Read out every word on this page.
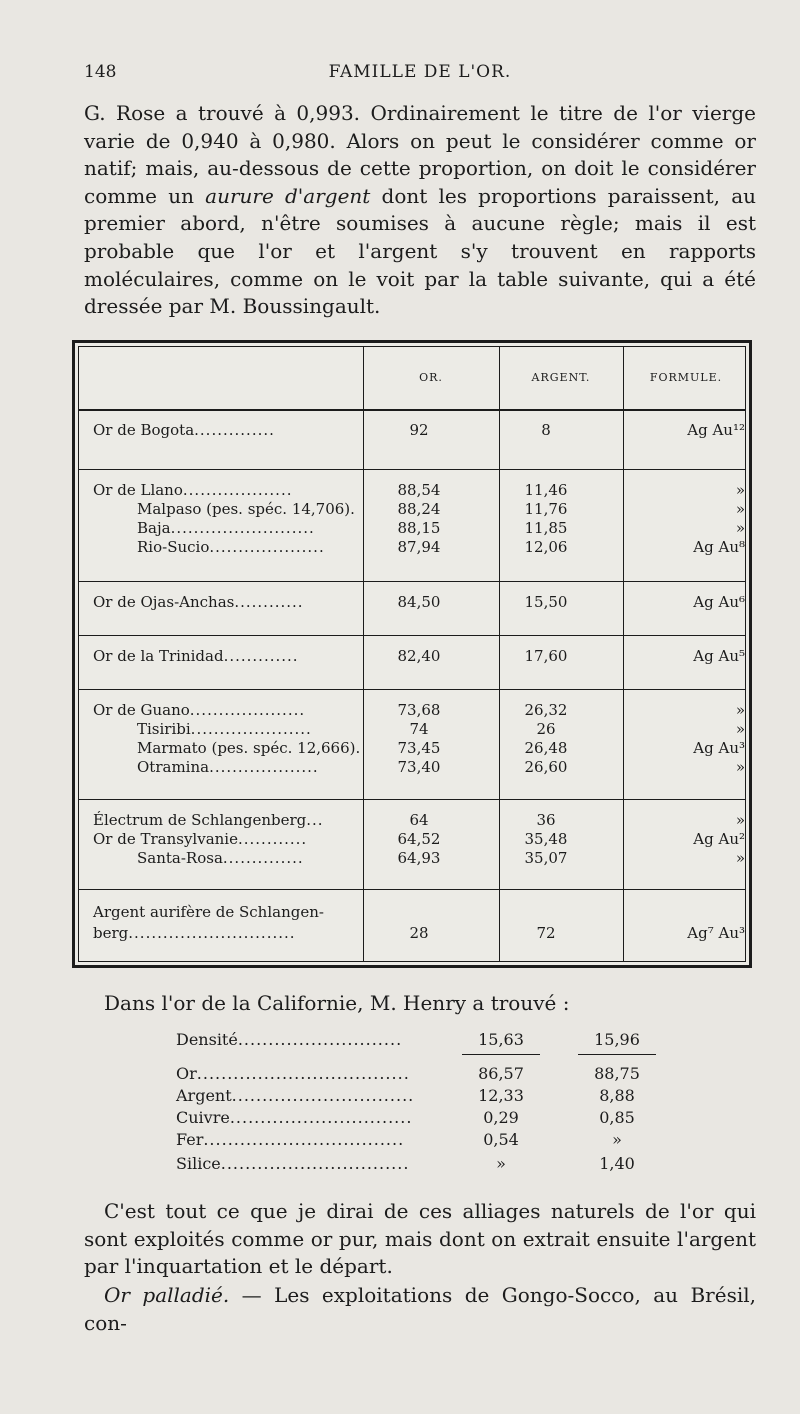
148	FAMILLE DE L'OR.

G. Rose a trouvé à 0,993. Ordinairement le titre de l'or vierge varie de 0,940 à 0,980. Alors on peut le considérer comme or natif; mais, au-dessous de cette proportion, on doit le considérer comme un aurure d'argent dont les proportions paraissent, au premier abord, n'être soumises à aucune règle; mais il est probable que l'or et l'argent s'y trouvent en rapports moléculaires, comme on le voit par la table suivante, qui a été dressée par M. Boussingault.

OR.	ARGENT.	FORMULE.
Or de Bogota..............	92	8	Ag Au¹²
Or de Llano...................	88,54	11,46	»
Malpaso (pes. spéc. 14,706).	88,24	11,76	»
Baja.........................	88,15	11,85	»
Rio-Sucio....................	87,94	12,06	Ag Au⁸
Or de Ojas-Anchas............	84,50	15,50	Ag Au⁶
Or de la Trinidad.............	82,40	17,60	Ag Au⁵
Or de Guano....................	73,68	26,32	»
Tisiribi.....................	74	26	»
Marmato (pes. spéc. 12,666).	73,45	26,48	Ag Au³
Otramina...................	73,40	26,60	»
Électrum de Schlangenberg...	64	36	»
Or de Transylvanie............	64,52	35,48	Ag Au²
Santa-Rosa..............	64,93	35,07	»
Argent aurifère de Schlangen-
berg.............................	28	72	Ag⁷ Au³

Dans l'or de la Californie, M. Henry a trouvé :

Densité...........................	15,63	15,96
Or...................................	86,57	88,75
Argent..............................	12,33	8,88
Cuivre..............................	0,29	0,85
Fer.................................	0,54	»
Silice...............................	»	1,40

C'est tout ce que je dirai de ces alliages naturels de l'or qui sont exploités comme or pur, mais dont on extrait ensuite l'argent par l'inquartation et le départ.

Or palladié. — Les exploitations de Gongo-Socco, au Brésil, con-
